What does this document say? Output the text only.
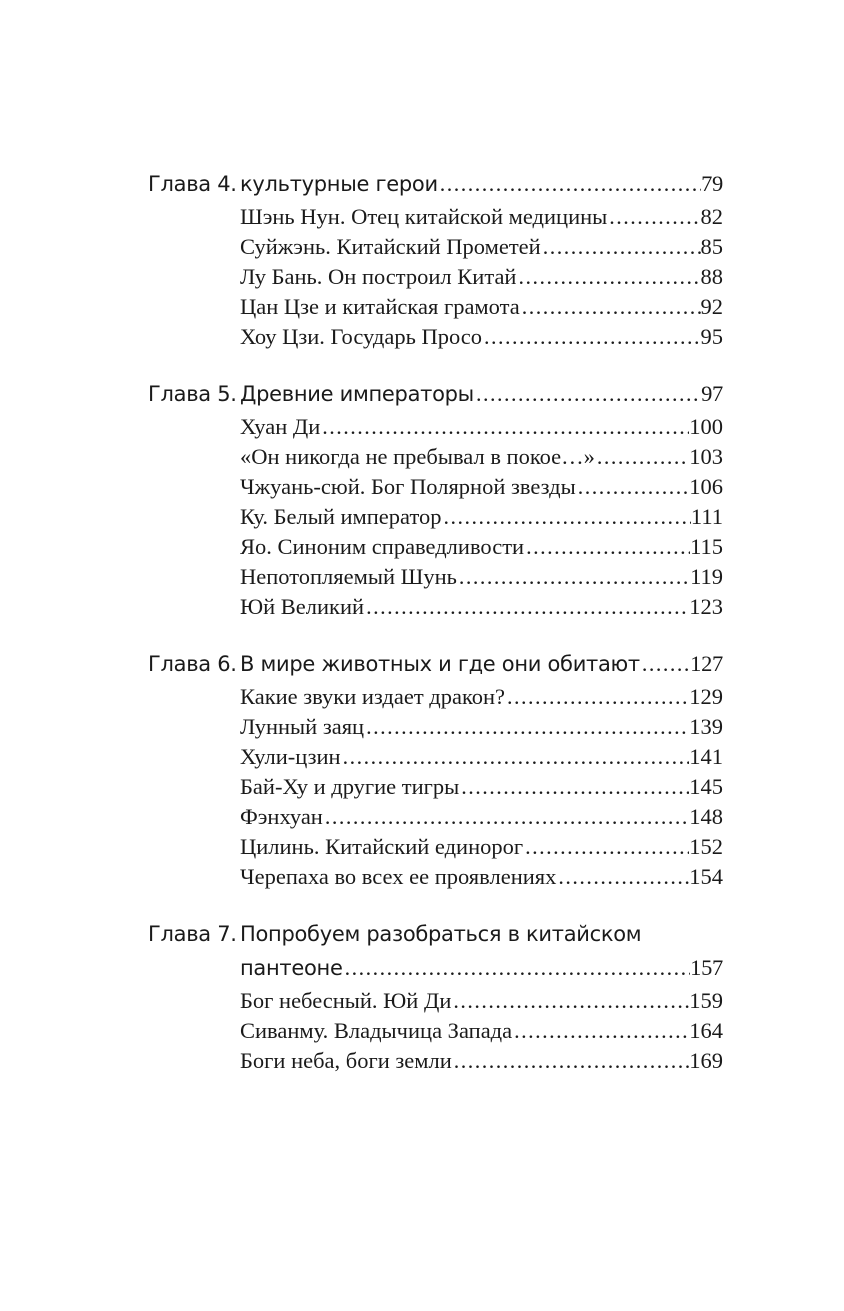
Глава 4. культурные герои . . .	79
Шэнь Нун. Отец китайской медицины . . .	82
Суйжэнь. Китайский Прометей . . .	85
Лу Бань. Он построил Китай . . .	88
Цан Цзе и китайская грамота . . .	92
Хоу Цзи. Государь Просо . . .	95
Глава 5. Древние императоры . . .	97
Хуан Ди . . .	100
«Он никогда не пребывал в покое…» . . .	103
Чжуань-сюй. Бог Полярной звезды . . .	106
Ку. Белый император . . .	111
Яо. Синоним справедливости . . .	115
Непотопляемый Шунь . . .	119
Юй Великий . . .	123
Глава 6. В мире животных и где они обитают . . . 127
Какие звуки издает дракон? . . .	129
Лунный заяц . . .	139
Хули-цзин . . .	141
Бай-Ху и другие тигры . . .	145
Фэнхуан . . .	148
Цилинь. Китайский единорог . . .	152
Черепаха во всех ее проявлениях . . .	154
Глава 7. Попробуем разобраться в китайском
пантеоне . . .	157
Бог небесный. Юй Ди . . .	159
Сиванму. Владычица Запада . . .	164
Боги неба, боги земли . . .	169
